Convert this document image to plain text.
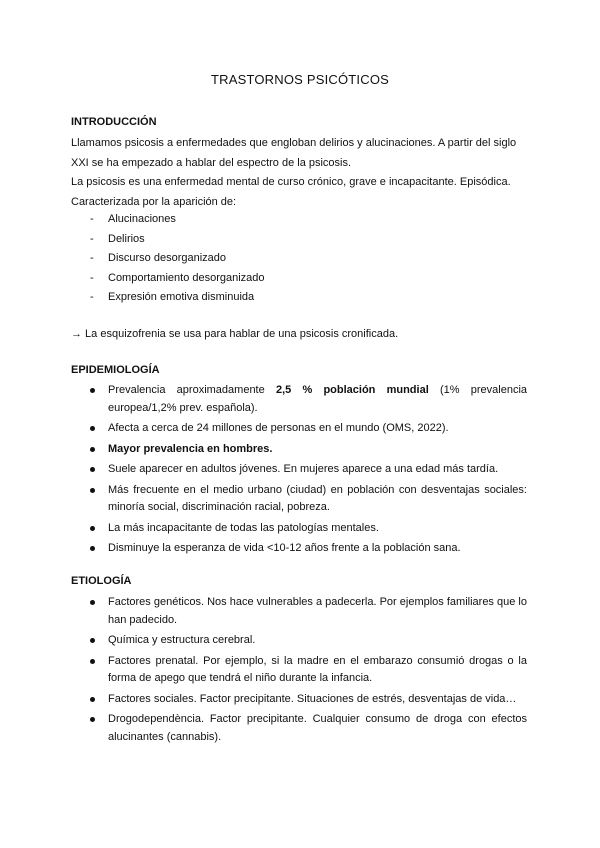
TRASTORNOS PSICÓTICOS
INTRODUCCIÓN
Llamamos psicosis a enfermedades que engloban delirios y alucinaciones. A partir del siglo
XXI se ha empezado a hablar del espectro de la psicosis.
La psicosis es una enfermedad mental de curso crónico, grave e incapacitante. Episódica.
Caracterizada por la aparición de:
- Alucinaciones
- Delirios
- Discurso desorganizado
- Comportamiento desorganizado
- Expresión emotiva disminuida
→ La esquizofrenia se usa para hablar de una psicosis cronificada.
EPIDEMIOLOGÍA
Prevalencia aproximadamente 2,5 % población mundial (1% prevalencia europea/1,2% prev. española).
Afecta a cerca de 24 millones de personas en el mundo (OMS, 2022).
Mayor prevalencia en hombres.
Suele aparecer en adultos jóvenes. En mujeres aparece a una edad más tardía.
Más frecuente en el medio urbano (ciudad) en población con desventajas sociales: minoría social, discriminación racial, pobreza.
La más incapacitante de todas las patologías mentales.
Disminuye la esperanza de vida <10-12 años frente a la población sana.
ETIOLOGÍA
Factores genéticos. Nos hace vulnerables a padecerla. Por ejemplos familiares que lo han padecido.
Química y estructura cerebral.
Factores prenatal. Por ejemplo, si la madre en el embarazo consumió drogas o la forma de apego que tendrá el niño durante la infancia.
Factores sociales. Factor precipitante. Situaciones de estrés, desventajas de vida…
Drogodependència. Factor precipitante. Cualquier consumo de droga con efectos alucinantes (cannabis).
